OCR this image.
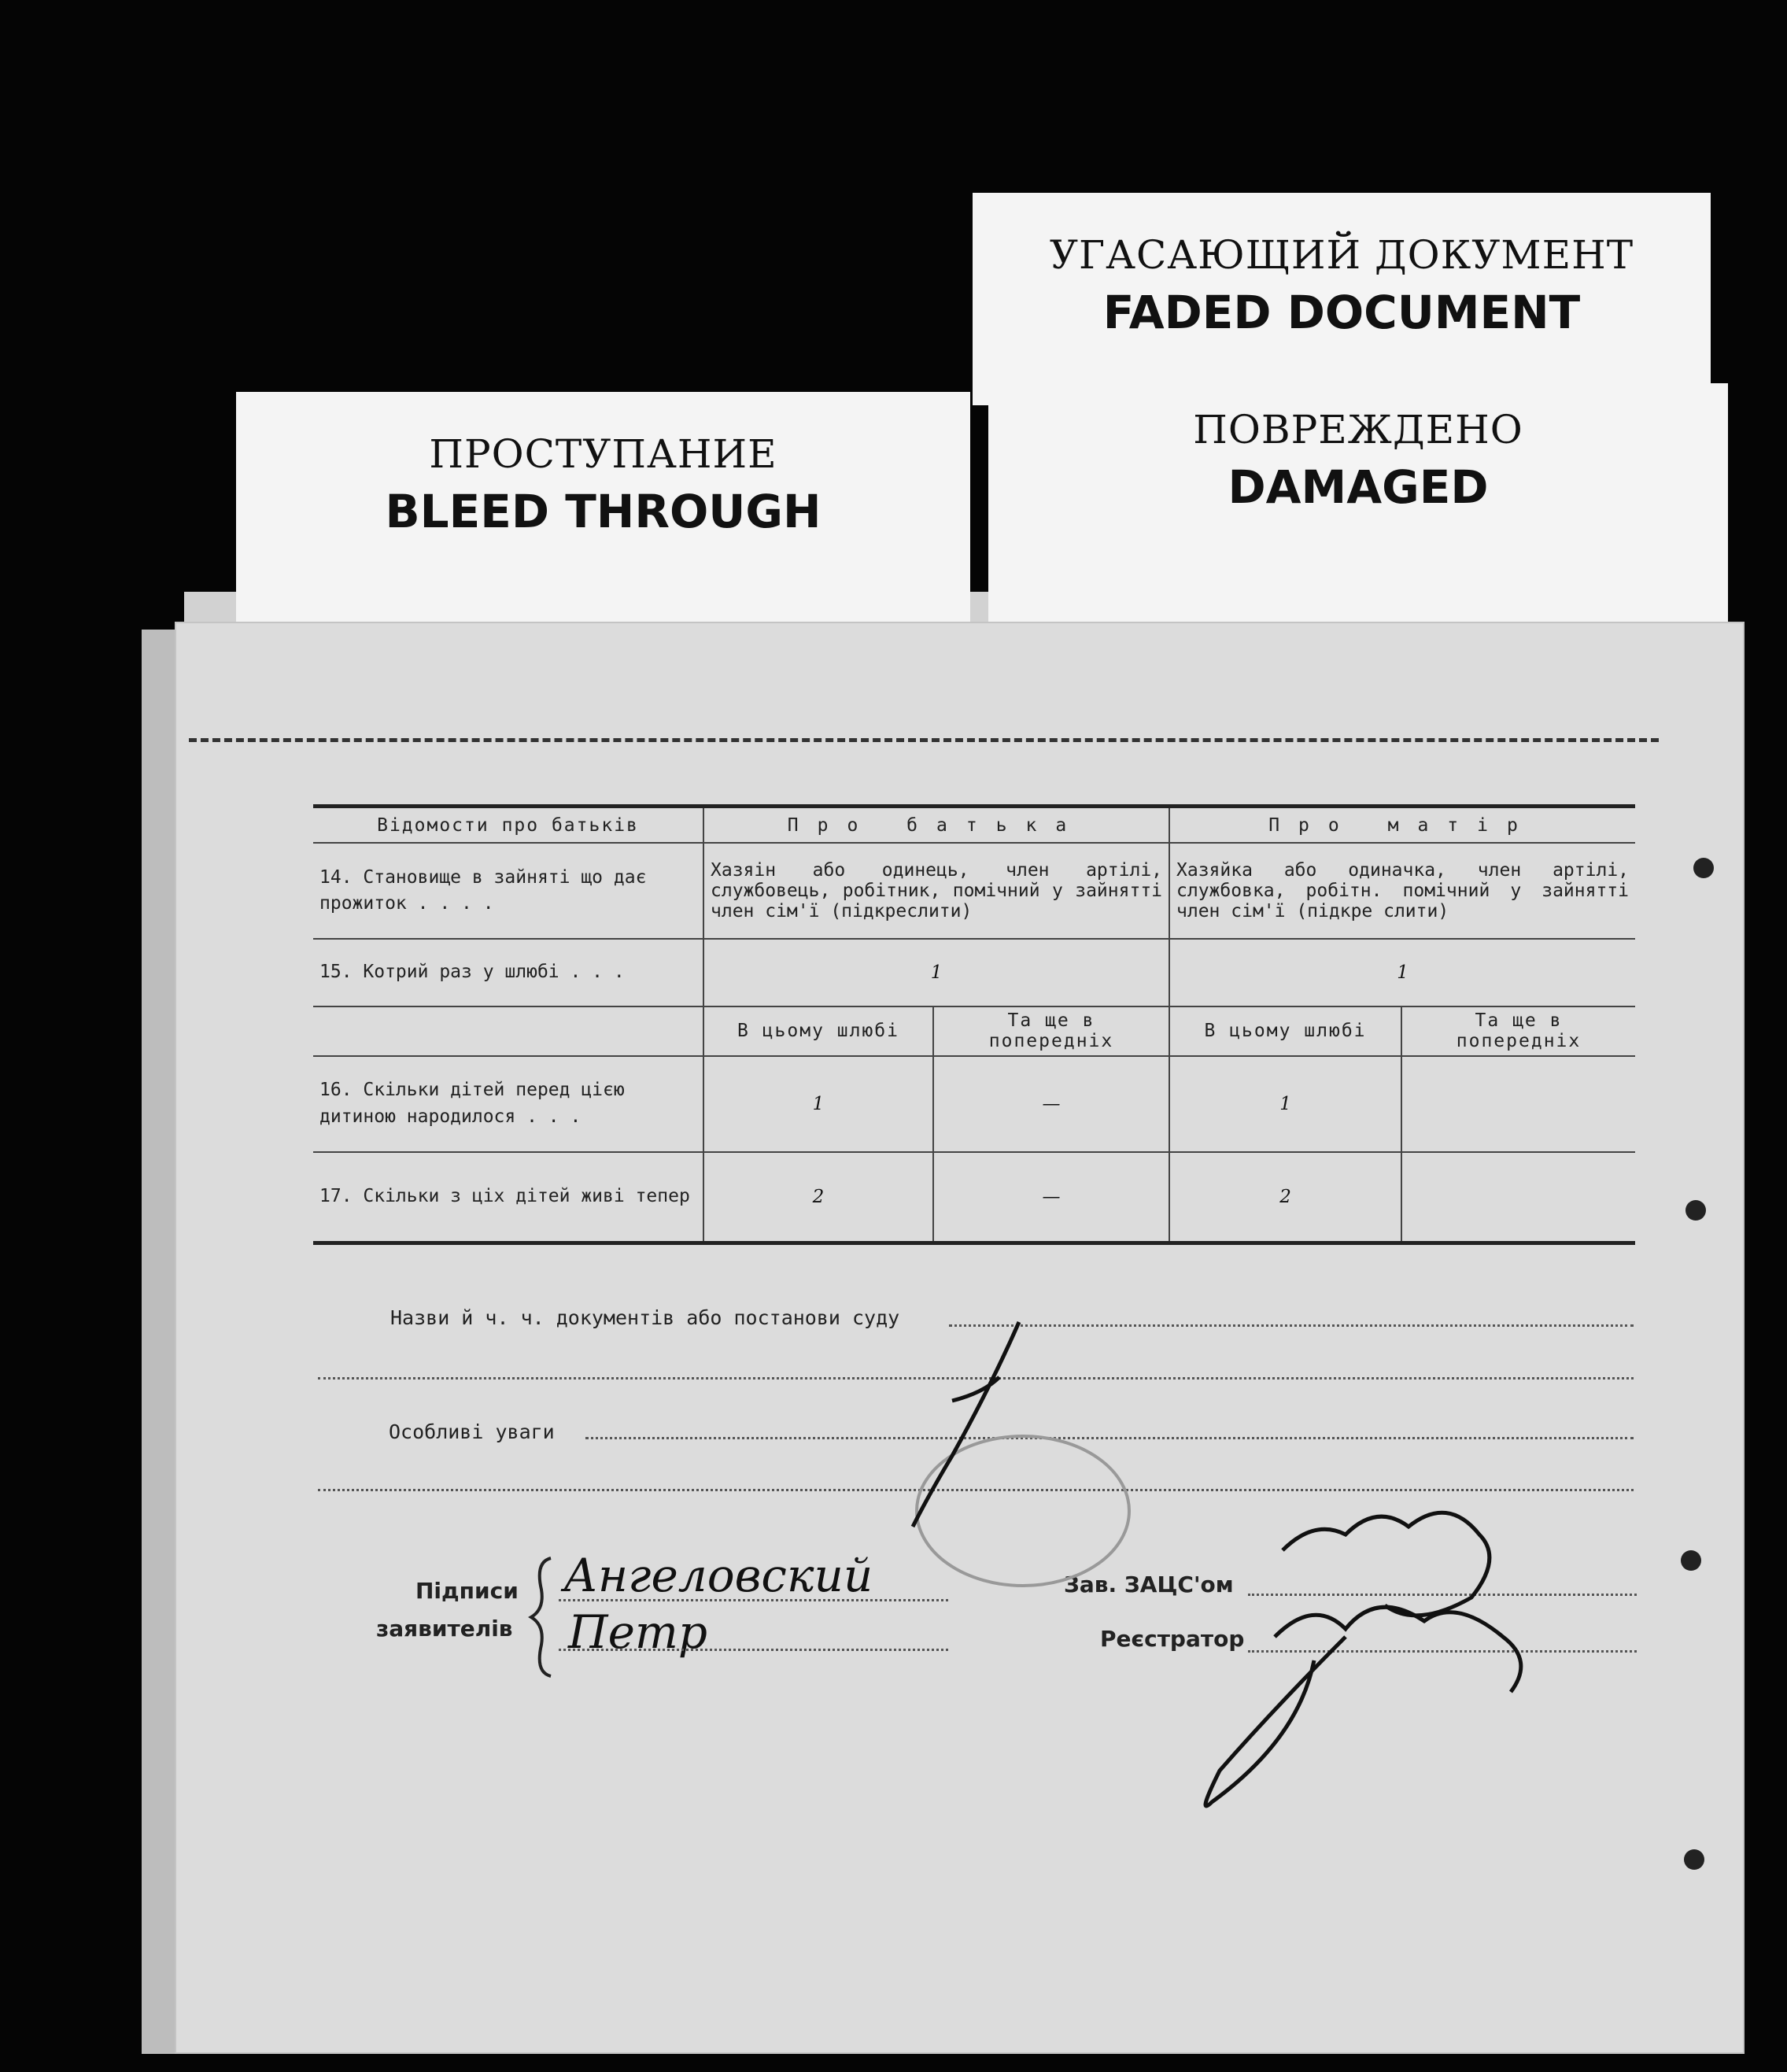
УГАСАЮЩИЙ ДОКУМЕНТ
FADED DOCUMENT
ПРОСТУПАНИЕ
BLEED THROUGH
ПОВРЕЖДЕНО
DAMAGED
Відомости про батьків	Про батька		Про матір	
14. Становище в зайняті що дає прожиток . . . .	Хазяін або одинець, член артілі, службовець, робітник, помічний у зайнятті член сім'ї (підкреслити)		Хазяйка або одиначка, член артілі, службовка, робітн. помічний у зайнятті член сім'ї (підкре слити)	
15. Котрий раз у шлюбі . . .	1		1	
	В цьому шлюбі	Та ще в попередніх	В цьому шлюбі	Та ще в попередніх
16. Скільки дітей перед цією дитиною народилося . . .	1	—	1	
17. Скільки з ціх дітей живі тепер	2	—	2	
Назви й ч. ч. документів або постанови суду
Особливі уваги
Підписи
заявителів
Ангеловский
Петр
Зав. ЗАЦС'ом
Реєстратор
